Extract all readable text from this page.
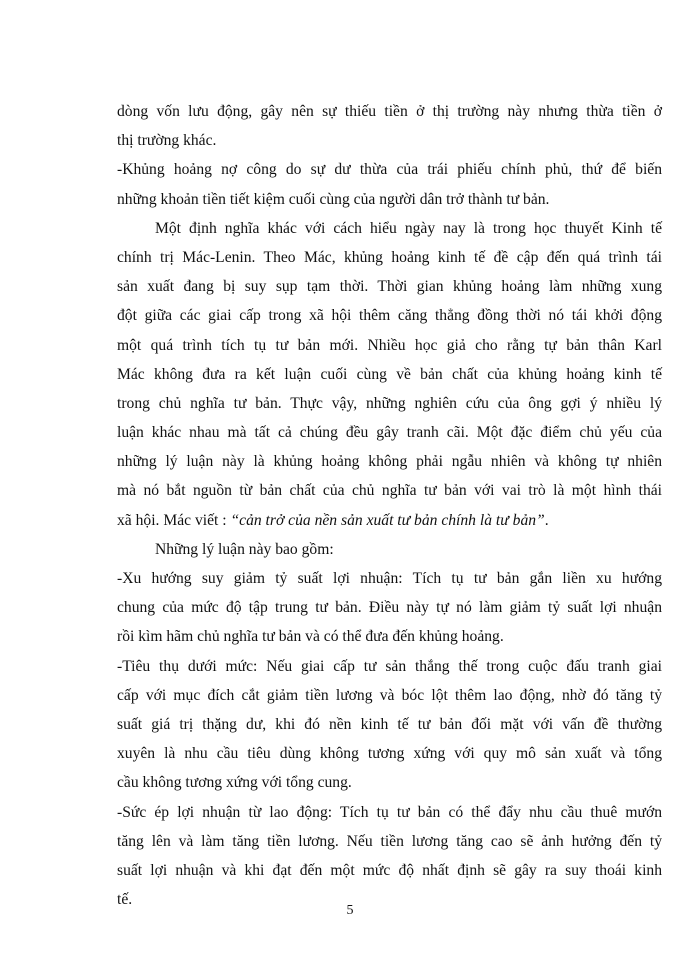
dòng vốn lưu động, gây nên sự thiếu tiền ở thị trường này nhưng thừa tiền ở
thị trường khác.
-Khủng hoảng nợ công do sự dư thừa của trái phiếu chính phủ, thứ để biến
những khoản tiền tiết kiệm cuối cùng của người dân trở thành tư bản.
Một định nghĩa khác với cách hiểu ngày nay là trong học thuyết Kinh tế
chính trị Mác-Lenin. Theo Mác, khủng hoảng kinh tế đề cập đến quá trình tái
sản xuất đang bị suy sụp tạm thời. Thời gian khủng hoảng làm những xung
đột giữa các giai cấp trong xã hội thêm căng thẳng đồng thời nó tái khởi động
một quá trình tích tụ tư bản mới. Nhiều học giả cho rằng tự bản thân Karl
Mác không đưa ra kết luận cuối cùng về bản chất của khủng hoảng kinh tế
trong chủ nghĩa tư bản. Thực vậy, những nghiên cứu của ông gợi ý nhiều lý
luận khác nhau mà tất cả chúng đều gây tranh cãi. Một đặc điểm chủ yếu của
những lý luận này là khủng hoảng không phải ngẫu nhiên và không tự nhiên
mà nó bắt nguồn từ bản chất của chủ nghĩa tư bản với vai trò là một hình thái
xã hội. Mác viết : “cản trở của nền sản xuất tư bản chính là tư bản”.
Những lý luận này bao gồm:
-Xu hướng suy giảm tỷ suất lợi nhuận: Tích tụ tư bản gắn liền xu hướng
chung của mức độ tập trung tư bản. Điều này tự nó làm giảm tỷ suất lợi nhuận
rồi kìm hãm chủ nghĩa tư bản và có thể đưa đến khủng hoảng.
-Tiêu thụ dưới mức: Nếu giai cấp tư sản thắng thế trong cuộc đấu tranh giai
cấp với mục đích cắt giảm tiền lương và bóc lột thêm lao động, nhờ đó tăng tỷ
suất giá trị thặng dư, khi đó nền kinh tế tư bản đối mặt với vấn đề thường
xuyên là nhu cầu tiêu dùng không tương xứng với quy mô sản xuất và tổng
cầu không tương xứng với tổng cung.
-Sức ép lợi nhuận từ lao động: Tích tụ tư bản có thể đẩy nhu cầu thuê mướn
tăng lên và làm tăng tiền lương. Nếu tiền lương tăng cao sẽ ảnh hưởng đến tỷ
suất lợi nhuận và khi đạt đến một mức độ nhất định sẽ gây ra suy thoái kinh
tế.
5
